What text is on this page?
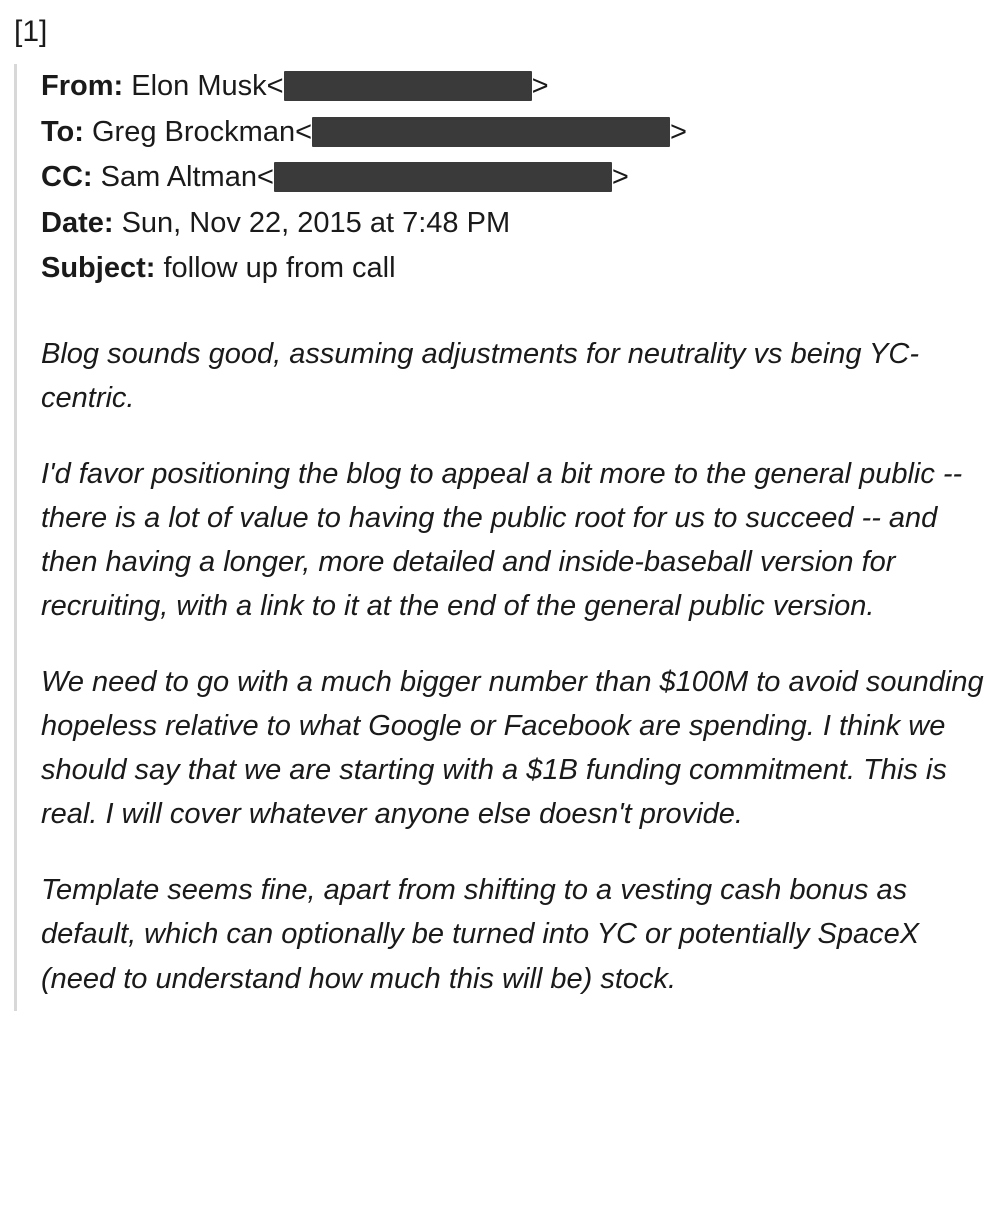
[1]
From: Elon Musk<	>
To: Greg Brockman<	>
CC: Sam Altman<	>
Date: Sun, Nov 22, 2015 at 7:48 PM
Subject: follow up from call

Blog sounds good, assuming adjustments for neutrality vs being YC-centric.

I'd favor positioning the blog to appeal a bit more to the general public -- there is a lot of value to having the public root for us to succeed -- and then having a longer, more detailed and inside-baseball version for recruiting, with a link to it at the end of the general public version.

We need to go with a much bigger number than $100M to avoid sounding hopeless relative to what Google or Facebook are spending. I think we should say that we are starting with a $1B funding commitment. This is real. I will cover whatever anyone else doesn't provide.

Template seems fine, apart from shifting to a vesting cash bonus as default, which can optionally be turned into YC or potentially SpaceX (need to understand how much this will be) stock.
